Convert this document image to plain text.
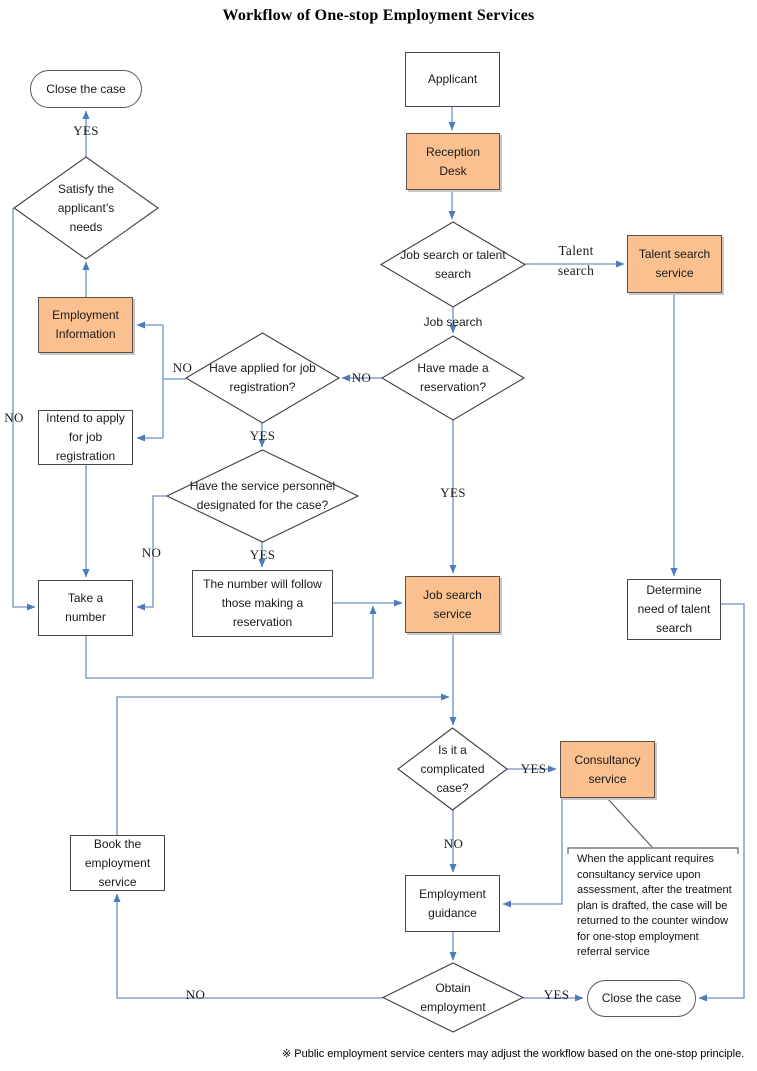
Workflow of One-stop Employment Services
Close the case
Close the case
Applicant
Reception Desk
Talent search service
Employment Information
Intend to apply for job registration
The number will follow those making a reservation
Take a number
Job search service
Determine need of talent search
Consultancy service
Book the employment service
Employment guidance
Satisfy the applicant’s needs
Job search or talent search
Have made a reservation?
Have applied for job registration?
Have the service personnel designated for the case?
Is it a complicated case?
Obtain employment
YES
NO
Talent search
Job search
NO
YES
NO
YES
NO	YES
YES
NO
NO	YES
When the applicant requires consultancy service upon assessment, after the treatment plan is drafted, the case will be returned to the counter window for one-stop employment referral service
※ Public employment service centers may adjust the workflow based on the one-stop principle.
